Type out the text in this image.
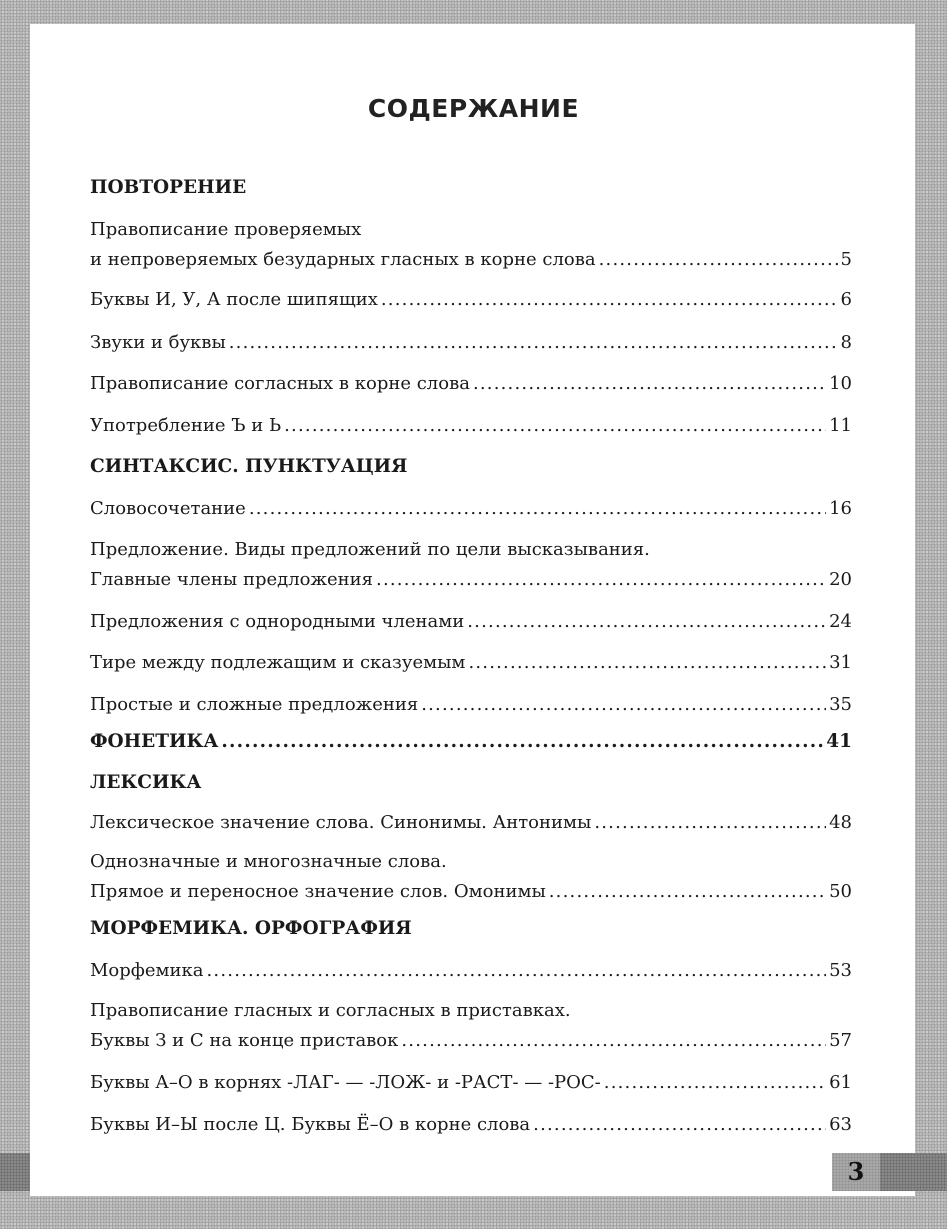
СОДЕРЖАНИЕ
ПОВТОРЕНИЕ
Правописание проверяемых
и непроверяемых безударных гласных в корне слова .....	5
Буквы И, У, А после шипящих .....	6
Звуки и буквы .....	8
Правописание согласных в корне слова .....	10
Употребление Ъ и Ь .....	11
СИНТАКСИС. ПУНКТУАЦИЯ
Словосочетание .....	16
Предложение. Виды предложений по цели высказывания.
Главные члены предложения .....	20
Предложения с однородными членами .....	24
Тире между подлежащим и сказуемым .....	31
Простые и сложные предложения .....	35
ФОНЕТИКА .....	41
ЛЕКСИКА
Лексическое значение слова. Синонимы. Антонимы .....	48
Однозначные и многозначные слова.
Прямое и переносное значение слов. Омонимы .....	50
МОРФЕМИКА. ОРФОГРАФИЯ
Морфемика .....	53
Правописание гласных и согласных в приставках.
Буквы З и С на конце приставок .....	57
Буквы А–О в корнях -ЛАГ- — -ЛОЖ- и -РАСТ- — -РОС- .....	61
Буквы И–Ы после Ц. Буквы Ё–О в корне слова .....	63
3
